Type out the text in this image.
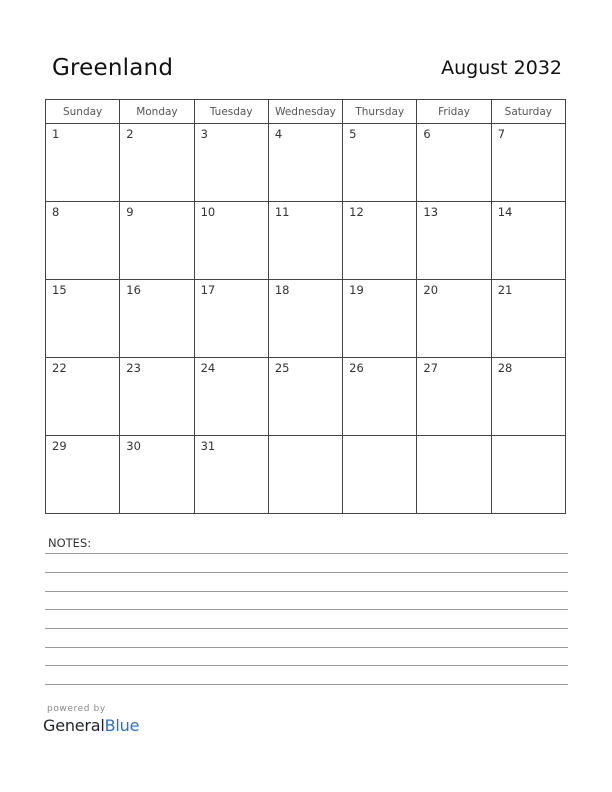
Greenland	August 2032
Sunday	Monday	Tuesday	Wednesday	Thursday	Friday	Saturday

1	2	3	4	5	6	7

8	9	10	11	12	13	14

15	16	17	18	19	20	21

22	23	24	25	26	27	28

29	30	31				

NOTES:
powered by
GeneralBlue
